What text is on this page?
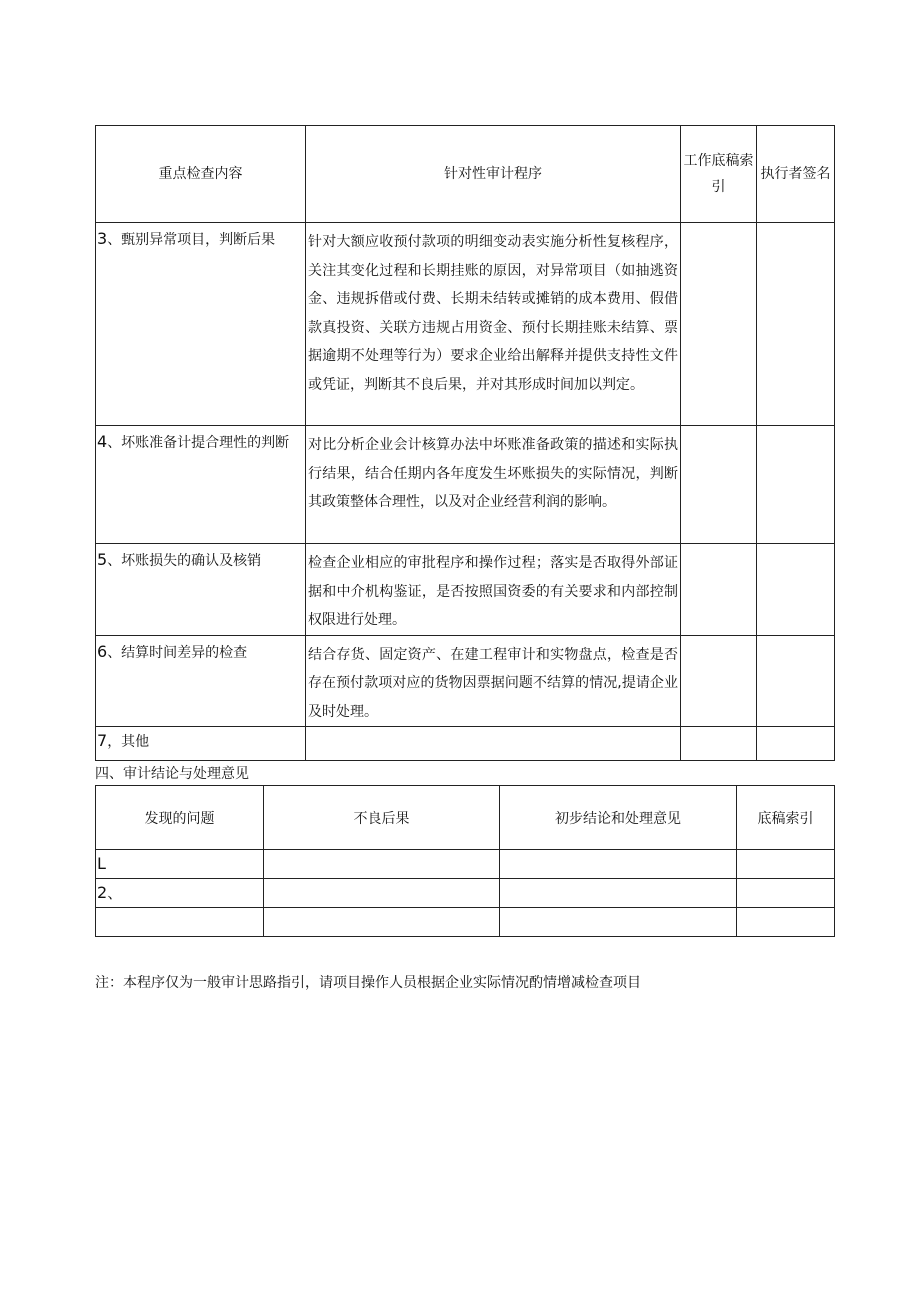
重点检查内容	针对性审计程序	工作底稿索引	执行者签名
3、甄别异常项目，判断后果	针对大额应收预付款项的明细变动表实施分析性复核程序，关注其变化过程和长期挂账的原因，对异常项目（如抽逃资金、违规拆借或付费、长期未结转或摊销的成本费用、假借款真投资、关联方违规占用资金、预付长期挂账未结算、票据逾期不处理等行为）要求企业给出解释并提供支持性文件或凭证，判断其不良后果，并对其形成时间加以判定。		
4、坏账准备计提合理性的判断	对比分析企业会计核算办法中坏账准备政策的描述和实际执行结果，结合任期内各年度发生坏账损失的实际情况，判断其政策整体合理性，以及对企业经营利润的影响。		
5、坏账损失的确认及核销	检查企业相应的审批程序和操作过程；落实是否取得外部证据和中介机构鉴证，是否按照国资委的有关要求和内部控制权限进行处理。		
6、结算时间差异的检查	结合存货、固定资产、在建工程审计和实物盘点，检查是否存在预付款项对应的货物因票据问题不结算的情况,提请企业及时处理。		
7，其他			
四、审计结论与处理意见
发现的问题	不良后果	初步结论和处理意见	底稿索引
L			
2、			

注：本程序仅为一般审计思路指引，请项目操作人员根据企业实际情况酌情增减检查项目
